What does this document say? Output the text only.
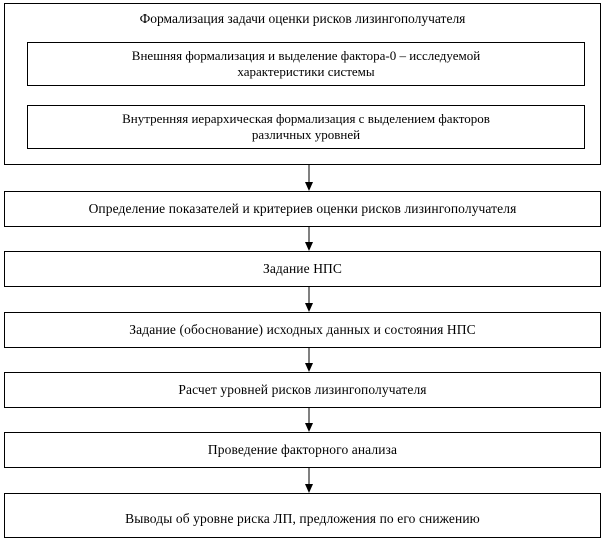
Формализация задачи оценки рисков лизингополучателя
Внешняя формализация и выделение фактора-0 – исследуемой
характеристики системы
Внутренняя иерархическая формализация с выделением факторов
различных уровней
Определение показателей и критериев оценки рисков лизингополучателя
Задание НПС
Задание (обоснование) исходных данных и состояния НПС
Расчет уровней рисков лизингополучателя
Проведение факторного анализа
Выводы об уровне риска ЛП, предложения по его снижению
